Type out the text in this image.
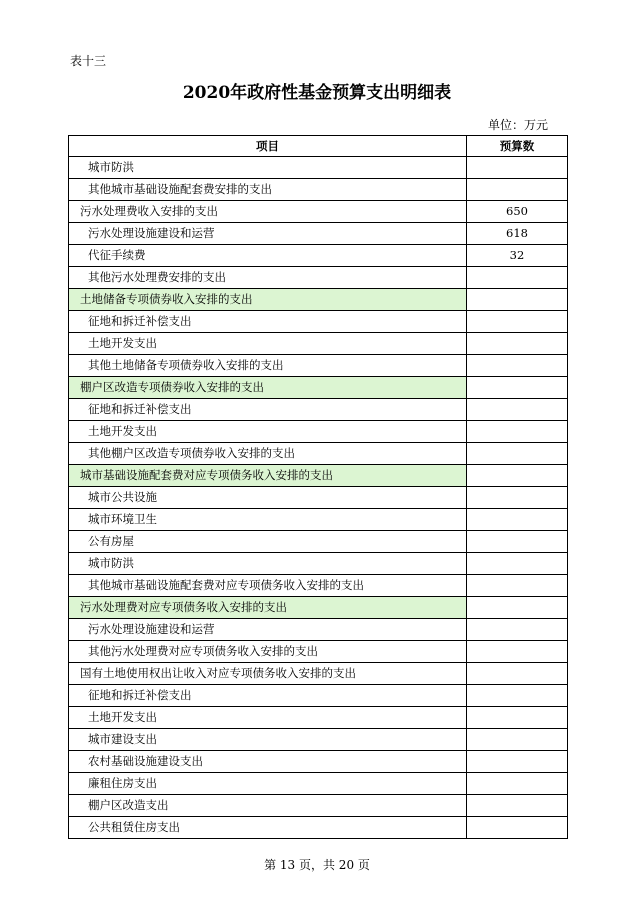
表十三
2020年政府性基金预算支出明细表
单位：万元
项目	预算数
城市防洪	
其他城市基础设施配套费安排的支出	
污水处理费收入安排的支出	650
污水处理设施建设和运营	618
代征手续费	32
其他污水处理费安排的支出	
土地储备专项债券收入安排的支出	
征地和拆迁补偿支出	
土地开发支出	
其他土地储备专项债券收入安排的支出	
棚户区改造专项债券收入安排的支出	
征地和拆迁补偿支出	
土地开发支出	
其他棚户区改造专项债券收入安排的支出	
城市基础设施配套费对应专项债务收入安排的支出	
城市公共设施	
城市环境卫生	
公有房屋	
城市防洪	
其他城市基础设施配套费对应专项债务收入安排的支出	
污水处理费对应专项债务收入安排的支出	
污水处理设施建设和运营	
其他污水处理费对应专项债务收入安排的支出	
国有土地使用权出让收入对应专项债务收入安排的支出	
征地和拆迁补偿支出	
土地开发支出	
城市建设支出	
农村基础设施建设支出	
廉租住房支出	
棚户区改造支出	
公共租赁住房支出	
第 13 页，共 20 页
